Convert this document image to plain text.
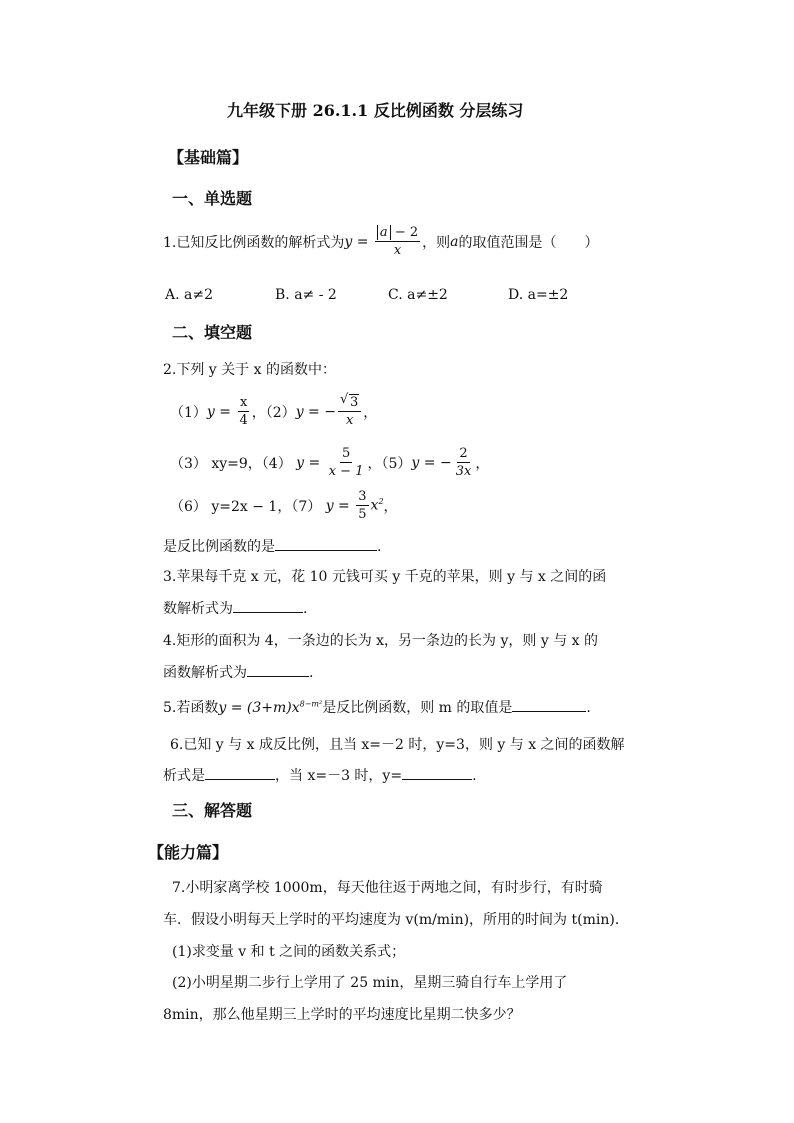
九年级下册 26.1.1 反比例函数 分层练习
【基础篇】
一、单选题
1.已知反比例函数的解析式为 $y = \frac{a - 2}{x}$ ，则 a 的取值范围是（　　）
A. a≠2	B. a≠ - 2	C. a≠±2	D. a=±2
二、填空题
2.下列 y 关于 x 的函数中：
（1） $y = \frac{x}{4}$ ，（2） y = − $\frac{√ 3}{x}$ ，
（3） xy=9，（4） $y = \frac{5}{x - 1}$ ，（5） y = − $\frac{2}{3x}$ ，
（6） y=2x − 1，（7） $y = \frac{3}{5} x^2$ ，
是反比例函数的是	.
3.苹果每千克 x 元，花 10 元钱可买 y 千克的苹果，则 y 与 x 之间的函
数解析式为	.
4.矩形的面积为 4，一条边的长为 x，另一条边的长为 y，则 y 与 x 的
函数解析式为	.
5.若函数$y = (3+m)x^{8-m^2}$是反比例函数，则 m 的取值是	.
6.已知 y 与 x 成反比例，且当 x=－2 时，y=3，则 y 与 x 之间的函数解
析式是	，当 x=－3 时，y=	.
三、解答题
【能力篇】
7.小明家离学校 1000m，每天他往返于两地之间，有时步行，有时骑
车．假设小明每天上学时的平均速度为 v(m/min)，所用的时间为 t(min)．
(1)求变量 v 和 t 之间的函数关系式；
(2)小明星期二步行上学用了 25 min，星期三骑自行车上学用了
8min，那么他星期三上学时的平均速度比星期二快多少？
